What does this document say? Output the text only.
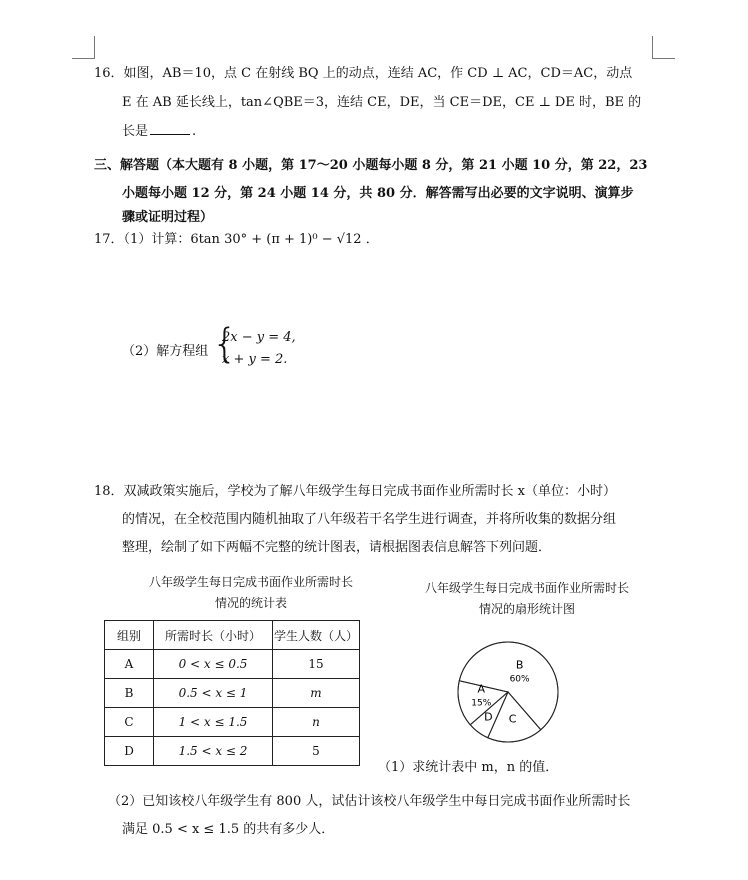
16．如图，AB＝10，点 C 在射线 BQ 上的动点，连结 AC，作 CD ⊥ AC，CD＝AC，动点
E 在 AB 延长线上，tan∠QBE＝3，连结 CE，DE，当 CE＝DE，CE ⊥ DE 时，BE 的
长是	.
三、解答题（本大题有 8 小题，第 17～20 小题每小题 8 分，第 21 小题 10 分，第 22，23
小题每小题 12 分，第 24 小题 14 分，共 80 分．解答需写出必要的文字说明、演算步
骤或证明过程）
17．（1）计算：6tan 30° + (π + 1)⁰ − √12 ．
（2）解方程组 {
2x − y = 4,
x + y = 2.
18．双减政策实施后，学校为了解八年级学生每日完成书面作业所需时长 x（单位：小时）
的情况，在全校范围内随机抽取了八年级若干名学生进行调查，并将所收集的数据分组
整理，绘制了如下两幅不完整的统计图表，请根据图表信息解答下列问题．
八年级学生每日完成书面作业所需时长
情况的统计表
八年级学生每日完成书面作业所需时长
情况的扇形统计图
组别	所需时长（小时）	学生人数（人）
A	0 < x ≤ 0.5	15
B	0.5 < x ≤ 1	m
C	1 < x ≤ 1.5	n
D	1.5 < x ≤ 2	5
B
60%
C
D
A
15%
（1）求统计表中 m，n 的值．
（2）已知该校八年级学生有 800 人，试估计该校八年级学生中每日完成书面作业所需时长
满足 0.5 < x ≤ 1.5 的共有多少人．
